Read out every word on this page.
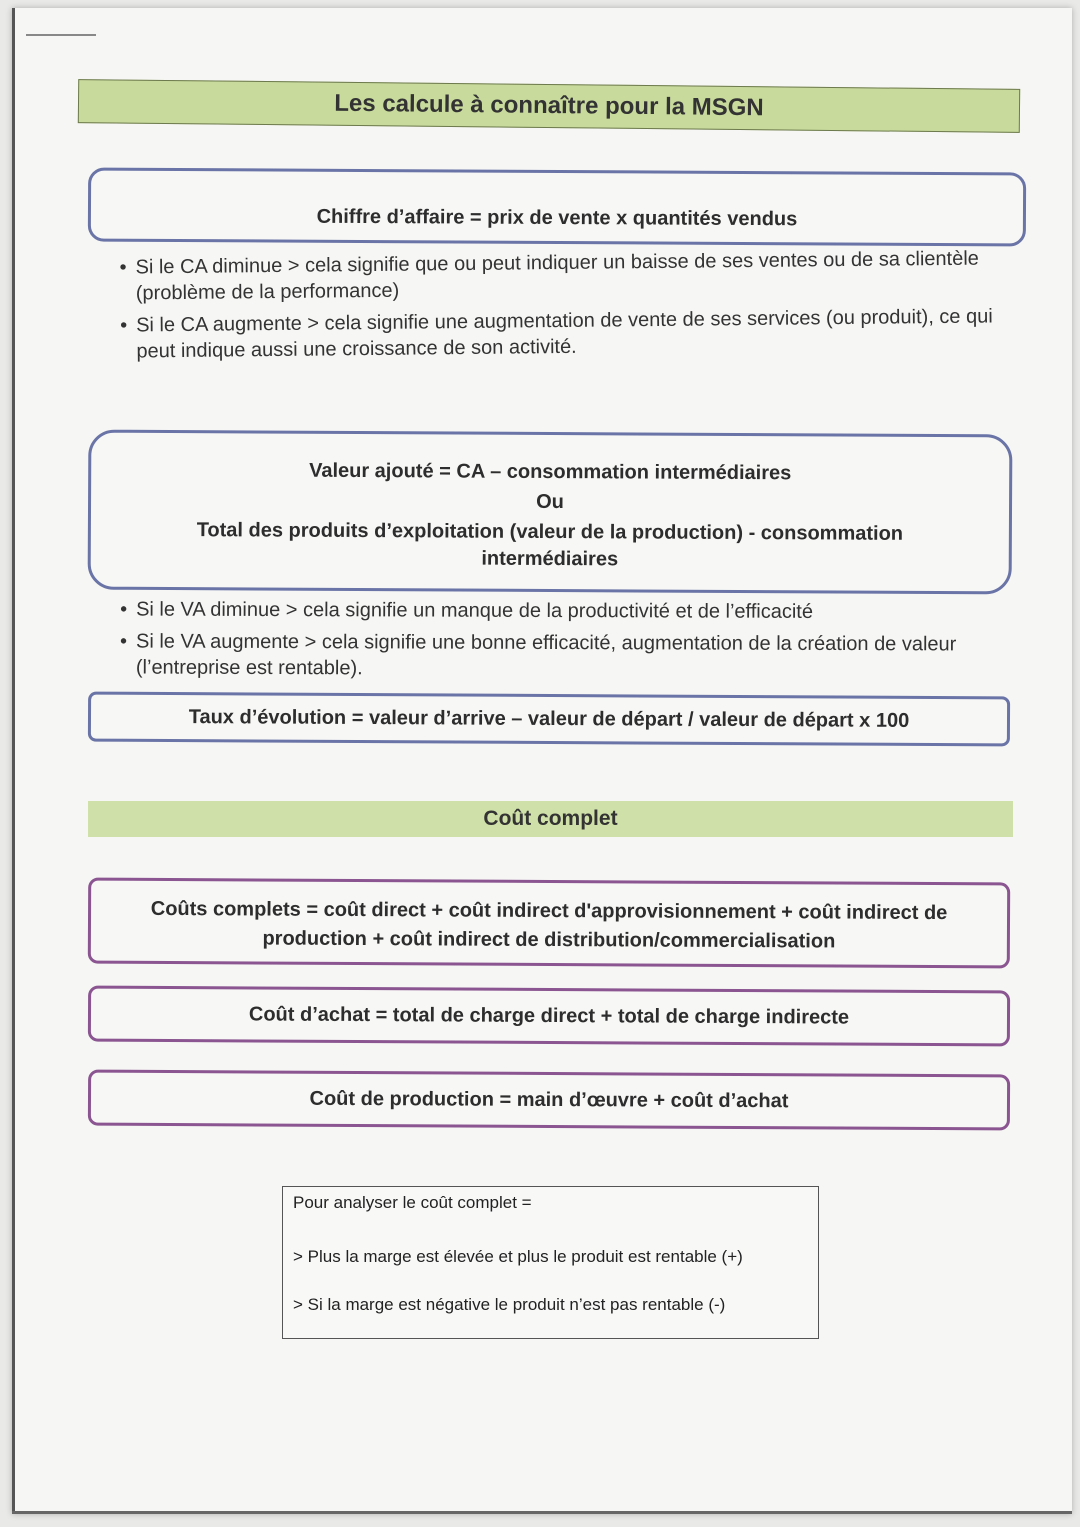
Les calcule à connaître pour la MSGN
Chiffre d’affaire = prix de vente x quantités vendus
• Si le CA diminue > cela signifie que ou peut indiquer un baisse de ses ventes ou de sa clientèle (problème de la performance)
• Si le CA augmente > cela signifie une augmentation de vente de ses services (ou produit), ce qui peut indique aussi une croissance de son activité.
Valeur ajouté = CA – consommation intermédiaires
Ou
Total des produits d’exploitation (valeur de la production) - consommation
intermédiaires
• Si le VA diminue > cela signifie un manque de la productivité et de l’efficacité
• Si le VA augmente > cela signifie une bonne efficacité, augmentation de la création de valeur (l’entreprise est rentable).
Taux d’évolution = valeur d’arrive – valeur de départ / valeur de départ x 100
Coût complet
Coûts complets = coût direct + coût indirect d'approvisionnement + coût indirect de
production + coût indirect de distribution/commercialisation
Coût d’achat = total de charge direct + total de charge indirecte
Coût de production = main d’œuvre + coût d’achat

Pour analyser le coût complet =

> Plus la marge est élevée et plus le produit est rentable (+)

> Si la marge est négative le produit n’est pas rentable (-)
